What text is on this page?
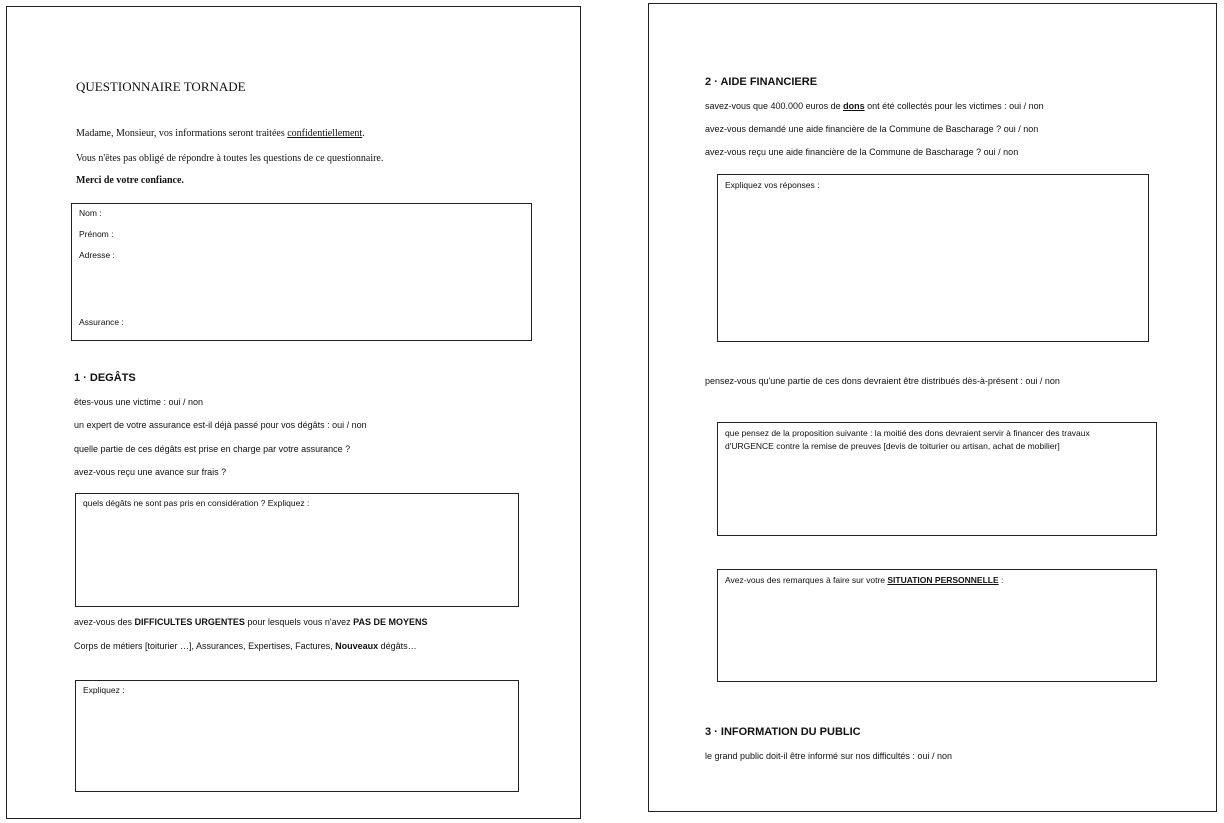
QUESTIONNAIRE TORNADE
Madame, Monsieur, vos informations seront traitées confidentiellement.
Vous n'êtes pas obligé de répondre à toutes les questions de ce questionnaire.
Merci de votre confiance.
Nom :
Prénom :
Adresse :
Assurance :
1 · DEGÂTS
êtes-vous une victime : oui / non
un expert de votre assurance est-il déjà passé pour vos dégâts : oui / non
quelle partie de ces dégâts est prise en charge par votre assurance ?
avez-vous reçu une avance sur frais ?
quels dégâts ne sont pas pris en considération ? Expliquez :
avez-vous des DIFFICULTES URGENTES pour lesquels vous n'avez PAS DE MOYENS
Corps de métiers [toiturier …], Assurances, Expertises, Factures, Nouveaux dégâts…
Expliquez :
2 · AIDE FINANCIERE
savez-vous que 400.000 euros de dons ont été collectés pour les victimes : oui / non
avez-vous demandé une aide financière de la Commune de Bascharage ? oui / non
avez-vous reçu une aide financière de la Commune de Bascharage ? oui / non
Expliquez vos réponses :
pensez-vous qu'une partie de ces dons devraient être distribués dès-à-présent : oui / non
que pensez de la proposition suivante : la moitié des dons devraient servir à financer des travaux
d'URGENCE contre la remise de preuves [devis de toiturier ou artisan, achat de mobilier]
Avez-vous des remarques à faire sur votre SITUATION PERSONNELLE :
3 · INFORMATION DU PUBLIC
le grand public doit-il être informé sur nos difficultés : oui / non
